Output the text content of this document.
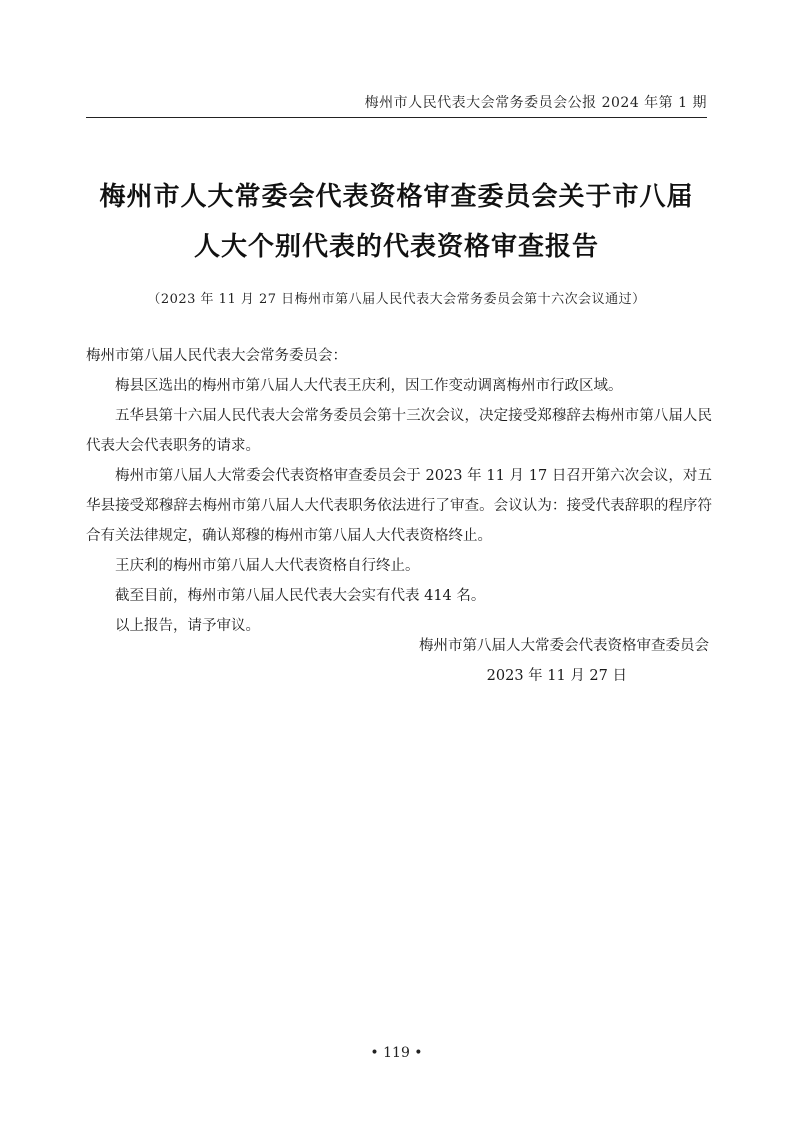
梅州市人民代表大会常务委员会公报 2024 年第 1 期
梅州市人大常委会代表资格审查委员会关于市八届
人大个别代表的代表资格审查报告
（2023 年 11 月 27 日梅州市第八届人民代表大会常务委员会第十六次会议通过）

梅州市第八届人民代表大会常务委员会：

梅县区选出的梅州市第八届人大代表王庆利，因工作变动调离梅州市行政区域。

五华县第十六届人民代表大会常务委员会第十三次会议，决定接受郑穆辞去梅州市第八届人民代表大会代表职务的请求。

梅州市第八届人大常委会代表资格审查委员会于 2023 年 11 月 17 日召开第六次会议，对五华县接受郑穆辞去梅州市第八届人大代表职务依法进行了审查。会议认为：接受代表辞职的程序符合有关法律规定，确认郑穆的梅州市第八届人大代表资格终止。

王庆利的梅州市第八届人大代表资格自行终止。

截至目前，梅州市第八届人民代表大会实有代表 414 名。

以上报告，请予审议。

梅州市第八届人大常委会代表资格审查委员会
2023 年 11 月 27 日
• 119 •
